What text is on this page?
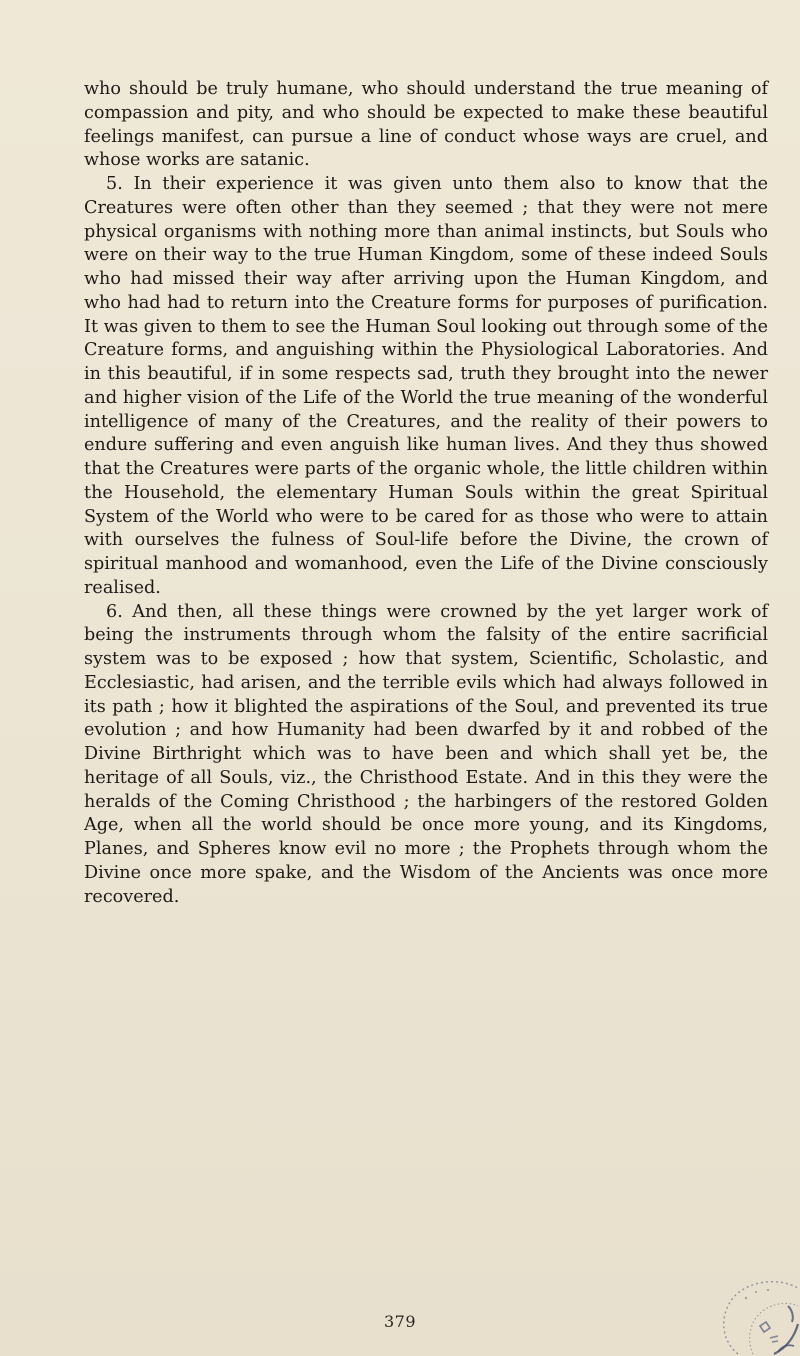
who should be truly humane, who should understand the true meaning of compassion and pity, and who should be expected to make these beautiful feelings manifest, can pursue a line of conduct whose ways are cruel, and whose works are satanic.

5. In their experience it was given unto them also to know that the Creatures were often other than they seemed ; that they were not mere physical organisms with nothing more than animal instincts, but Souls who were on their way to the true Human Kingdom, some of these indeed Souls who had missed their way after arriving upon the Human Kingdom, and who had had to return into the Creature forms for purposes of purification. It was given to them to see the Human Soul looking out through some of the Creature forms, and anguishing within the Physiological Laboratories. And in this beautiful, if in some respects sad, truth they brought into the newer and higher vision of the Life of the World the true meaning of the wonderful intelligence of many of the Creatures, and the reality of their powers to endure suffering and even anguish like human lives. And they thus showed that the Creatures were parts of the organic whole, the little children within the Household, the elementary Human Souls within the great Spiritual System of the World who were to be cared for as those who were to attain with ourselves the fulness of Soul-life before the Divine, the crown of spiritual manhood and womanhood, even the Life of the Divine consciously realised.

6. And then, all these things were crowned by the yet larger work of being the instruments through whom the falsity of the entire sacrificial system was to be exposed ; how that system, Scientific, Scholastic, and Ecclesiastic, had arisen, and the terrible evils which had always followed in its path ; how it blighted the aspirations of the Soul, and prevented its true evolution ; and how Humanity had been dwarfed by it and robbed of the Divine Birthright which was to have been and which shall yet be, the heritage of all Souls, viz., the Christhood Estate. And in this they were the heralds of the Coming Christhood ; the harbingers of the restored Golden Age, when all the world should be once more young, and its Kingdoms, Planes, and Spheres know evil no more ; the Prophets through whom the Divine once more spake, and the Wisdom of the Ancients was once more recovered.

379
